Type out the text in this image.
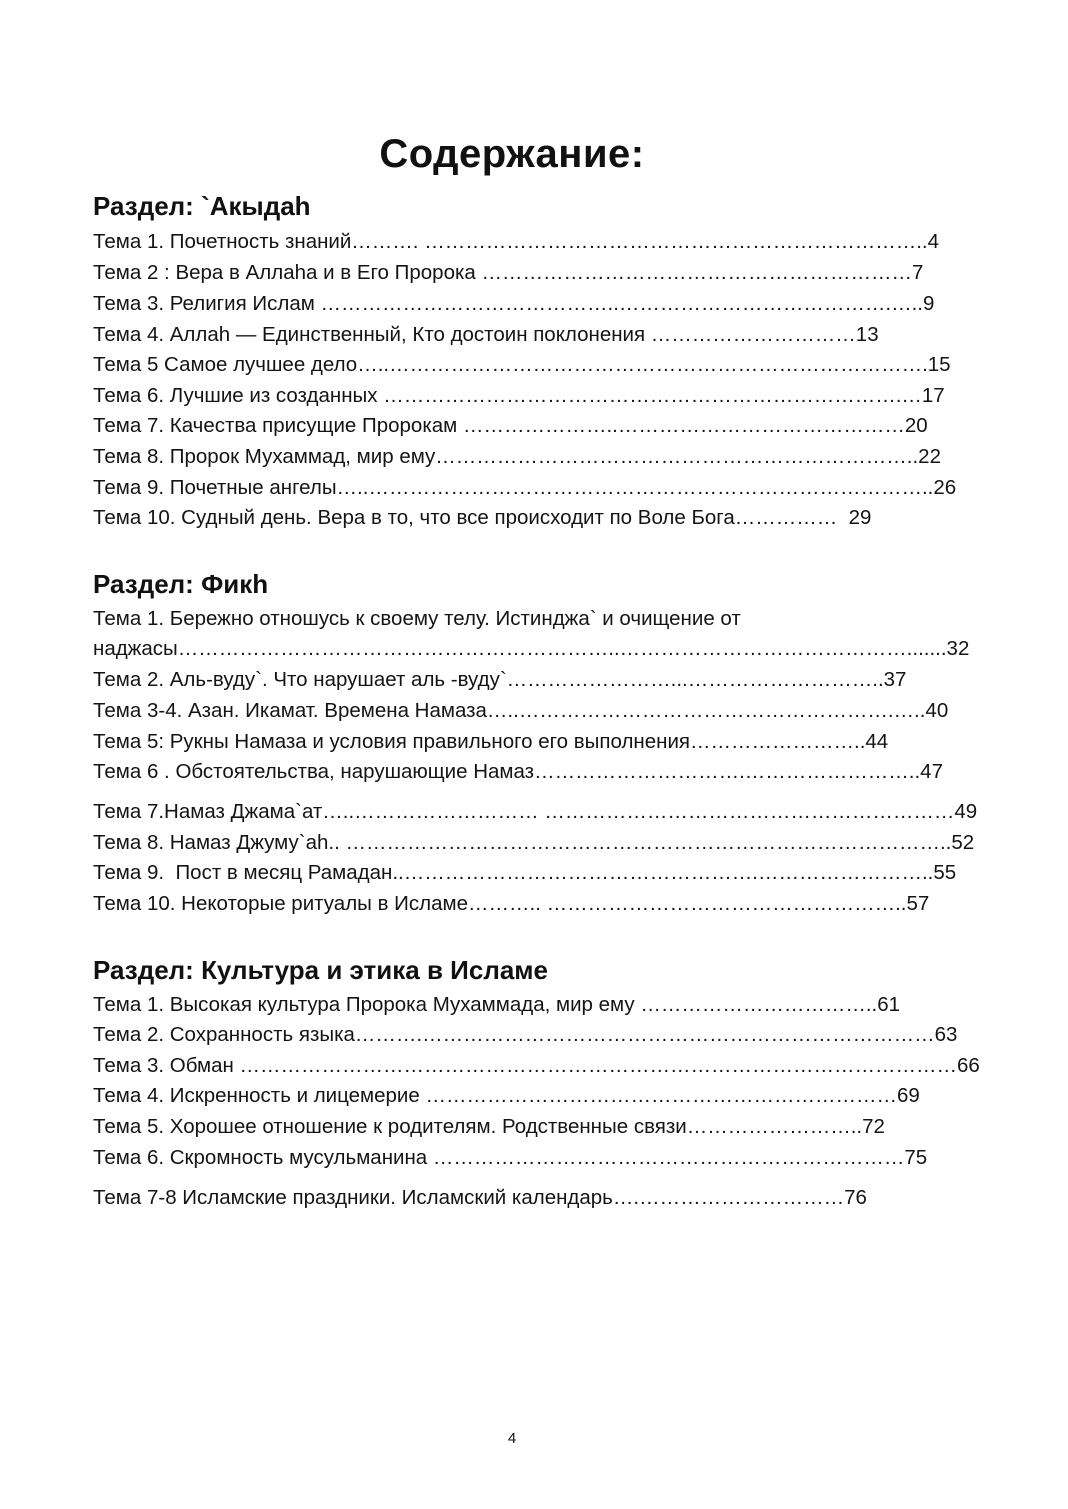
Содержание:
Раздел: `Акыдаh
Тема 1. Почетность знаний………. ………………………………………………………………..4
Тема 2 : Вера в Аллаhа и в Его Пророка ………………………………………………………7
Тема 3. Религия Ислам ……………………………………..………………………………….…..9
Тема 4. Аллаh — Единственный, Кто достоин поклонения …………………………13
Тема 5 Самое лучшее дело…..…………………………………………………………………….15
Тема 6. Лучшие из созданных ………………………………………………………………….…17
Тема 7. Качества присущие Пророкам …………………..……………………………………20
Тема 8. Пророк Мухаммад, мир ему……………………………………………………………..22
Тема 9. Почетные ангелы…..………………………………………………………………………..26
Тема 10. Судный день. Вера в то, что все происходит по Воле Бога……………  29
Раздел: Фикh
Тема 1. Бережно отношусь к своему телу. Истинджа` и очищение от
наджасы………………………………………………………..…………………………………….......32
Тема 2. Аль-вуду`. Что нарушает аль -вуду`……………………...………………………..37
Тема 3-4. Азан. Икамат. Времена Намаза…..……………………………………………….…..40
Тема 5: Рукны Намаза и условия правильного его выполнения……………………..44
Тема 6 . Обстоятельства, нарушающие Намаз………………………….……………………..47
Тема 7.Намаз Джама`ат…..……………………… ……………………………………………………49
Тема 8. Намаз Джуму`аh.. ……………………………………………………………………………..52
Тема 9.  Пост в месяц Рамадан..…………………………………………….……………………..55
Тема 10. Некоторые ритуалы в Исламе……….. ……………………………………………..57
Раздел: Культура и этика в Исламе
Тема 1. Высокая культура Пророка Мухаммада, мир ему ……………………………..61
Тема 2. Сохранность языка……….…………………………………………………………………63
Тема 3. Обман ……………………………………………………………………………………………66
Тема 4. Искренность и лицемерие ……………………………………………………………69
Тема 5. Хорошее отношение к родителям. Родственные связи……………………..72
Тема 6. Скромность мусульманина ……………………………………………………………75
Тема 7-8 Исламские праздники. Исламский календарь….…………………………76
4
